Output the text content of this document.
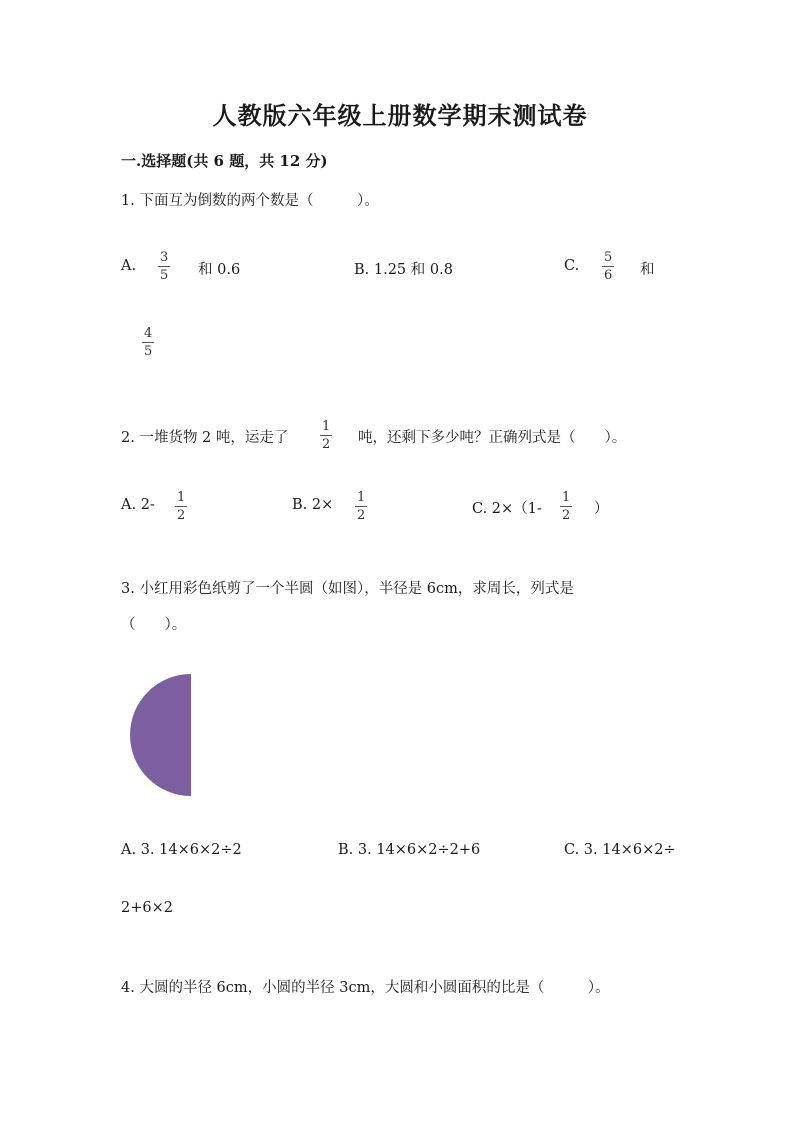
人教版六年级上册数学期末测试卷
一.选择题(共 6 题，共 12 分)
1. 下面互为倒数的两个数是（　　　）。
A.
3
5 和 0.6	B. 1.25 和 0.8	C.
5
6 和
4
5
2. 一堆货物 2 吨，运走了
1
2 吨，还剩下多少吨？正确列式是（　　）。
A. 2- 1
2
B. 2× 1
2	C. 2×（1-
1
2 ）
3. 小红用彩色纸剪了一个半圆（如图），半径是 6cm，求周长，列式是
（　　）。
A. 3. 14×6×2÷2	B. 3. 14×6×2÷2+6	C. 3. 14×6×2÷
2+6×2
4. 大圆的半径 6cm，小圆的半径 3cm，大圆和小圆面积的比是（　　　）。
